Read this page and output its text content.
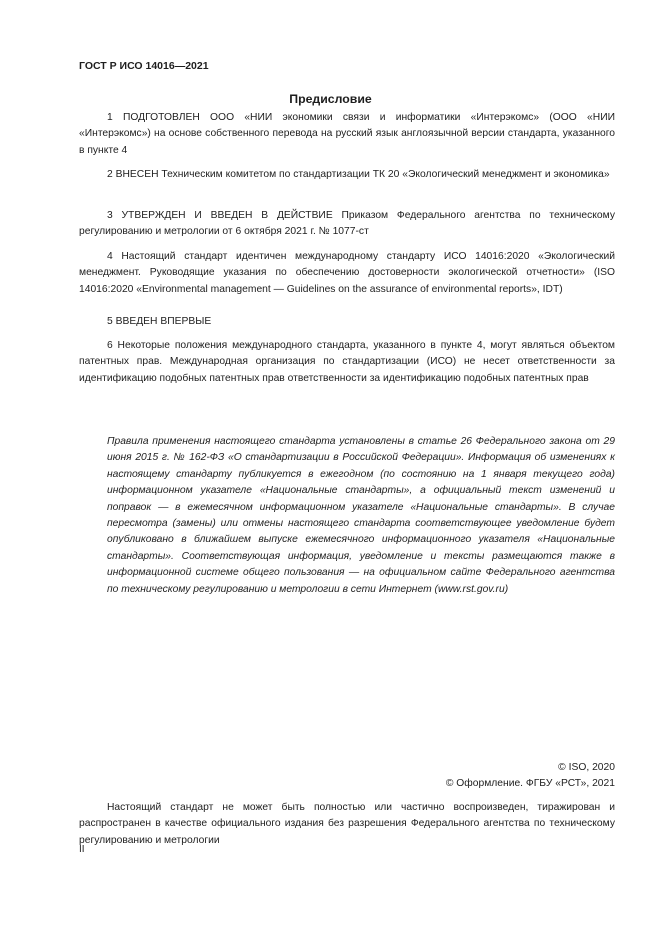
ГОСТ Р ИСО 14016—2021
Предисловие

1 ПОДГОТОВЛЕН ООО «НИИ экономики связи и информатики «Интерэкомс» (ООО «НИИ «Интерэкомс») на основе собственного перевода на русский язык англоязычной версии стандарта, указанного в пункте 4

2 ВНЕСЕН Техническим комитетом по стандартизации ТК 20 «Экологический менеджмент и экономика»

3 УТВЕРЖДЕН И ВВЕДЕН В ДЕЙСТВИЕ Приказом Федерального агентства по техническому регулированию и метрологии от 6 октября 2021 г. № 1077-ст

4 Настоящий стандарт идентичен международному стандарту ИСО 14016:2020 «Экологический менеджмент. Руководящие указания по обеспечению достоверности экологической отчетности» (ISO 14016:2020 «Environmental management — Guidelines on the assurance of environmental reports», IDT)

5 ВВЕДЕН ВПЕРВЫЕ

6 Некоторые положения международного стандарта, указанного в пункте 4, могут являться объектом патентных прав. Международная организация по стандартизации (ИСО) не несет ответственности за идентификацию подобных патентных прав ответственности за идентификацию подобных патентных прав

Правила применения настоящего стандарта установлены в статье 26 Федерального закона от 29 июня 2015 г. № 162-ФЗ «О стандартизации в Российской Федерации». Информация об изменениях к настоящему стандарту публикуется в ежегодном (по состоянию на 1 января текущего года) информационном указателе «Национальные стандарты», а официальный текст изменений и поправок — в ежемесячном информационном указателе «Национальные стандарты». В случае пересмотра (замены) или отмены настоящего стандарта соответствующее уведомление будет опубликовано в ближайшем выпуске ежемесячного информационного указателя «Национальные стандарты». Соответствующая информация, уведомление и тексты размещаются также в информационной системе общего пользования — на официальном сайте Федерального агентства по техническому регулированию и метрологии в сети Интернет (www.rst.gov.ru)

© ISO, 2020
© Оформление. ФГБУ «РСТ», 2021

Настоящий стандарт не может быть полностью или частично воспроизведен, тиражирован и распространен в качестве официального издания без разрешения Федерального агентства по техническому регулированию и метрологии

II
